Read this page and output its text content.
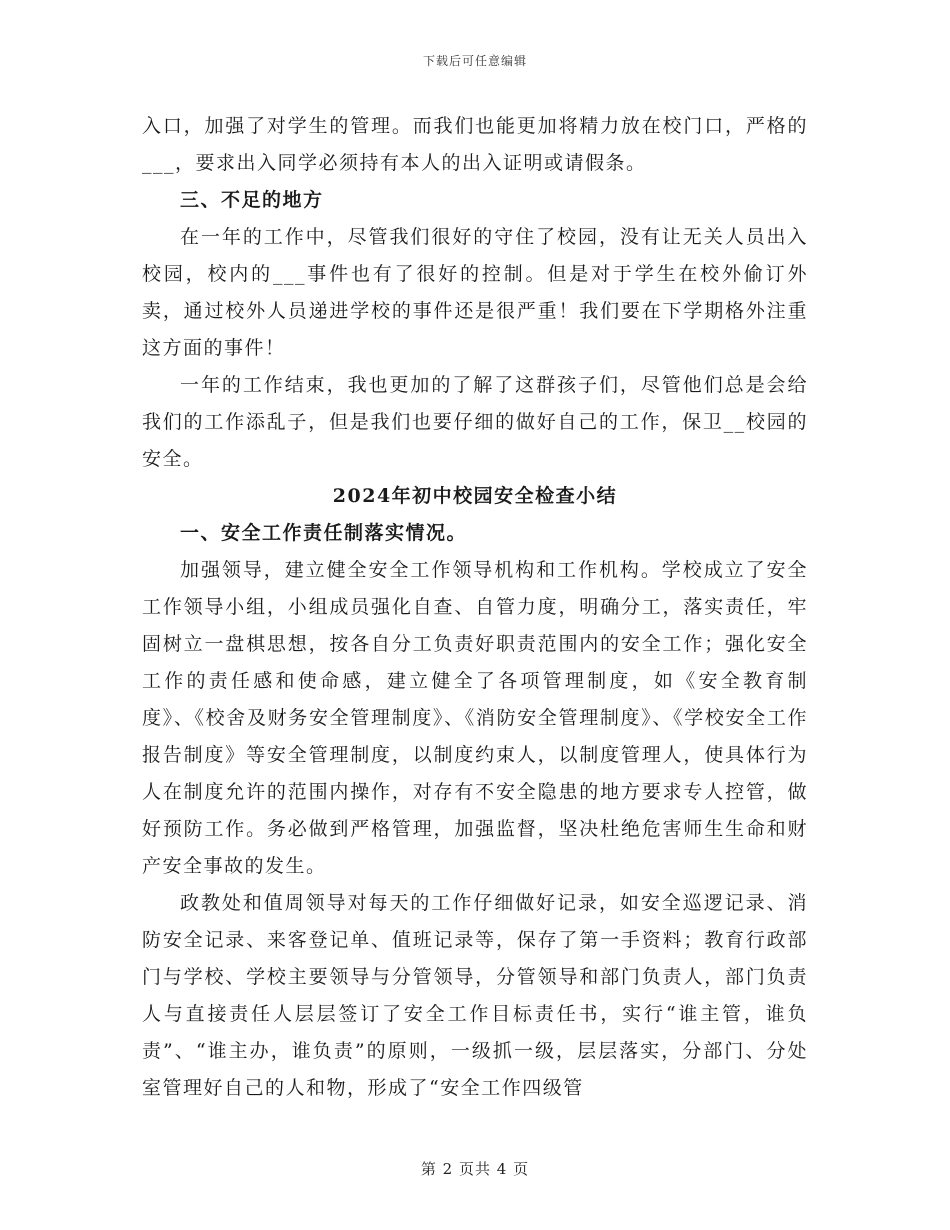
下载后可任意编辑

入口，加强了对学生的管理。而我们也能更加将精力放在校门口，严格的___，要求出入同学必须持有本人的出入证明或请假条。

三、不足的地方

在一年的工作中，尽管我们很好的守住了校园，没有让无关人员出入校园，校内的___事件也有了很好的控制。但是对于学生在校外偷订外卖，通过校外人员递进学校的事件还是很严重！我们要在下学期格外注重这方面的事件！

一年的工作结束，我也更加的了解了这群孩子们，尽管他们总是会给我们的工作添乱子，但是我们也要仔细的做好自己的工作，保卫__校园的安全。

2024年初中校园安全检查小结

一、安全工作责任制落实情况。

加强领导，建立健全安全工作领导机构和工作机构。学校成立了安全工作领导小组，小组成员强化自查、自管力度，明确分工，落实责任，牢固树立一盘棋思想，按各自分工负责好职责范围内的安全工作；强化安全工作的责任感和使命感，建立健全了各项管理制度，如《安全教育制度》、《校舍及财务安全管理制度》、《消防安全管理制度》、《学校安全工作报告制度》等安全管理制度，以制度约束人，以制度管理人，使具体行为人在制度允许的范围内操作，对存有不安全隐患的地方要求专人控管，做好预防工作。务必做到严格管理，加强监督，坚决杜绝危害师生生命和财产安全事故的发生。

政教处和值周领导对每天的工作仔细做好记录，如安全巡逻记录、消防安全记录、来客登记单、值班记录等，保存了第一手资料；教育行政部门与学校、学校主要领导与分管领导，分管领导和部门负责人，部门负责人与直接责任人层层签订了安全工作目标责任书，实行“谁主管，谁负责”、“谁主办，谁负责”的原则，一级抓一级，层层落实，分部门、分处室管理好自己的人和物，形成了“安全工作四级管

第 2 页共 4 页
